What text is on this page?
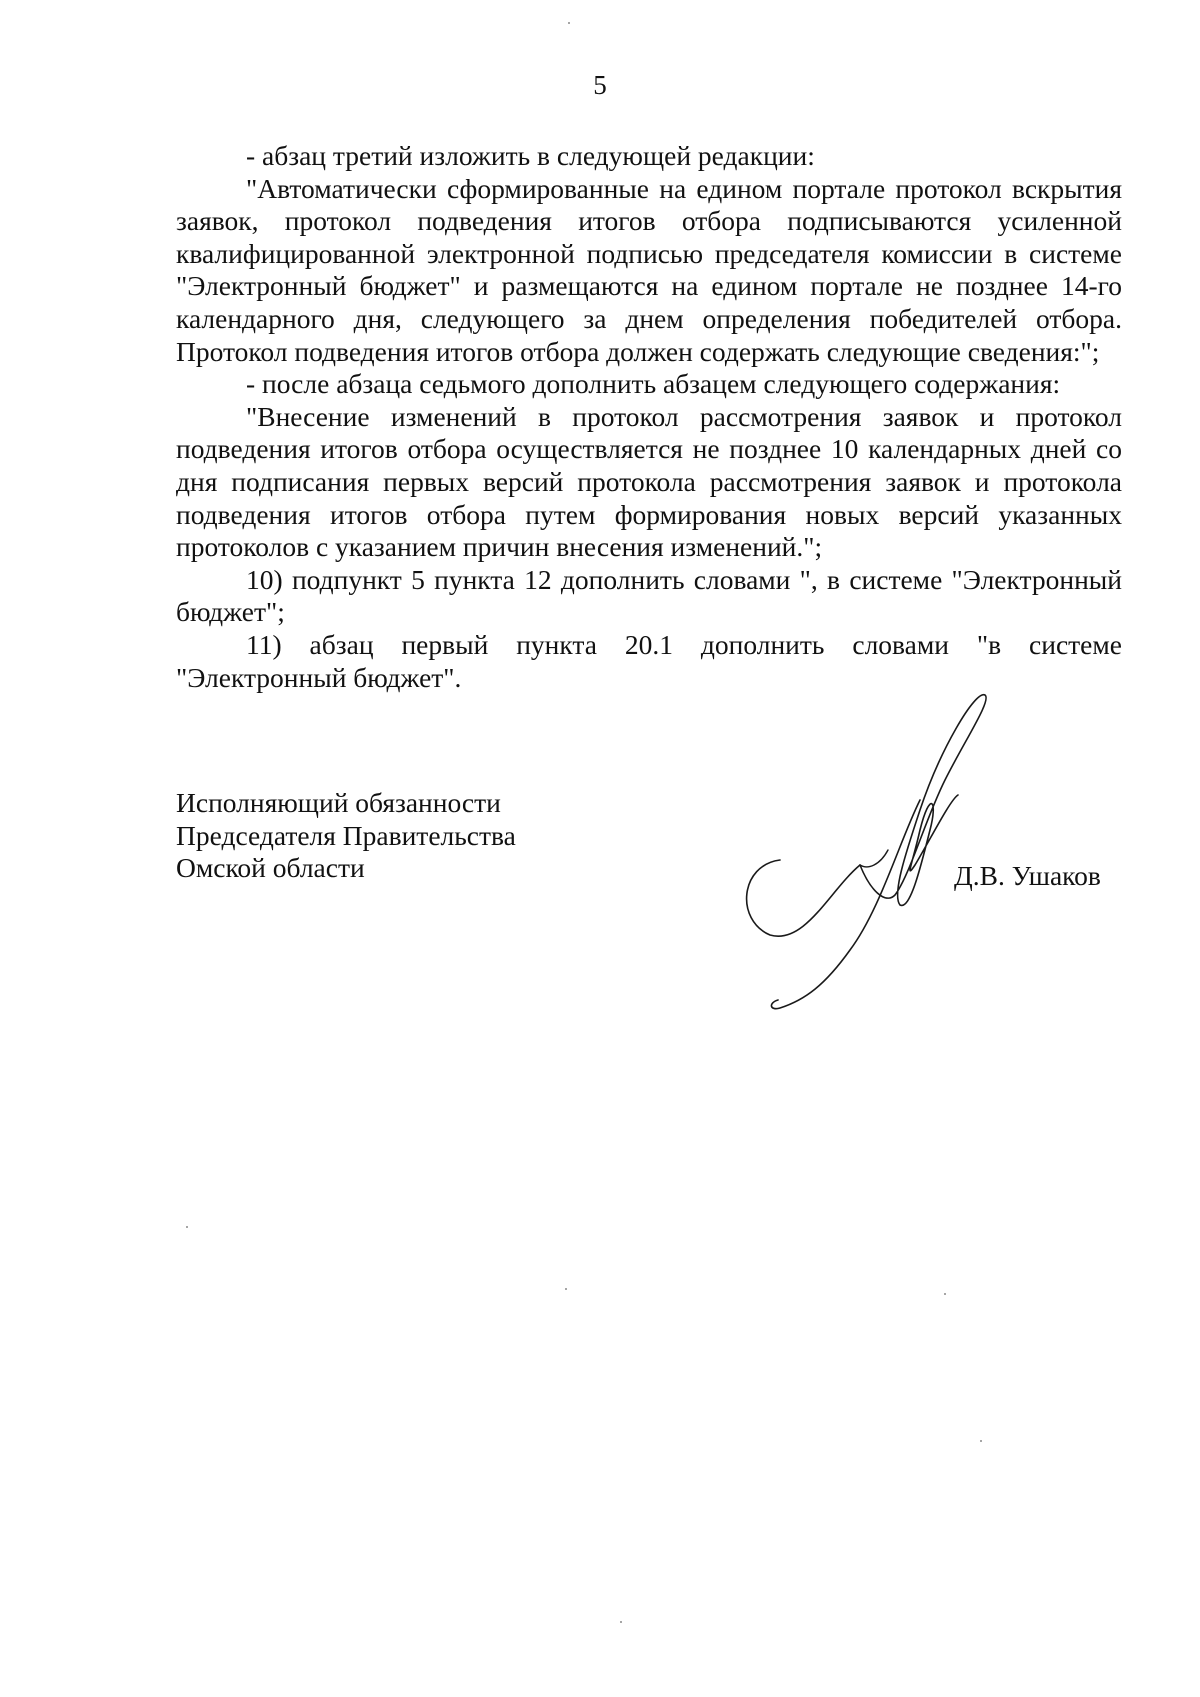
5

- абзац третий изложить в следующей редакции:

"Автоматически сформированные на едином портале протокол вскрытия заявок, протокол подведения итогов отбора подписываются усиленной квалифицированной электронной подписью председателя комиссии в системе "Электронный бюджет" и размещаются на едином портале не позднее 14-го календарного дня, следующего за днем определения победителей отбора. Протокол подведения итогов отбора должен содержать следующие сведения:";

- после абзаца седьмого дополнить абзацем следующего содержания:

"Внесение изменений в протокол рассмотрения заявок и протокол подведения итогов отбора осуществляется не позднее 10 календарных дней со дня подписания первых версий протокола рассмотрения заявок и протокола подведения итогов отбора путем формирования новых версий указанных протоколов с указанием причин внесения изменений.";

10) подпункт 5 пункта 12 дополнить словами ", в системе "Электронный бюджет";

11) абзац первый пункта 20.1 дополнить словами "в системе "Электронный бюджет".

Исполняющий обязанности
Председателя Правительства
Омской области	Д.В. Ушаков
